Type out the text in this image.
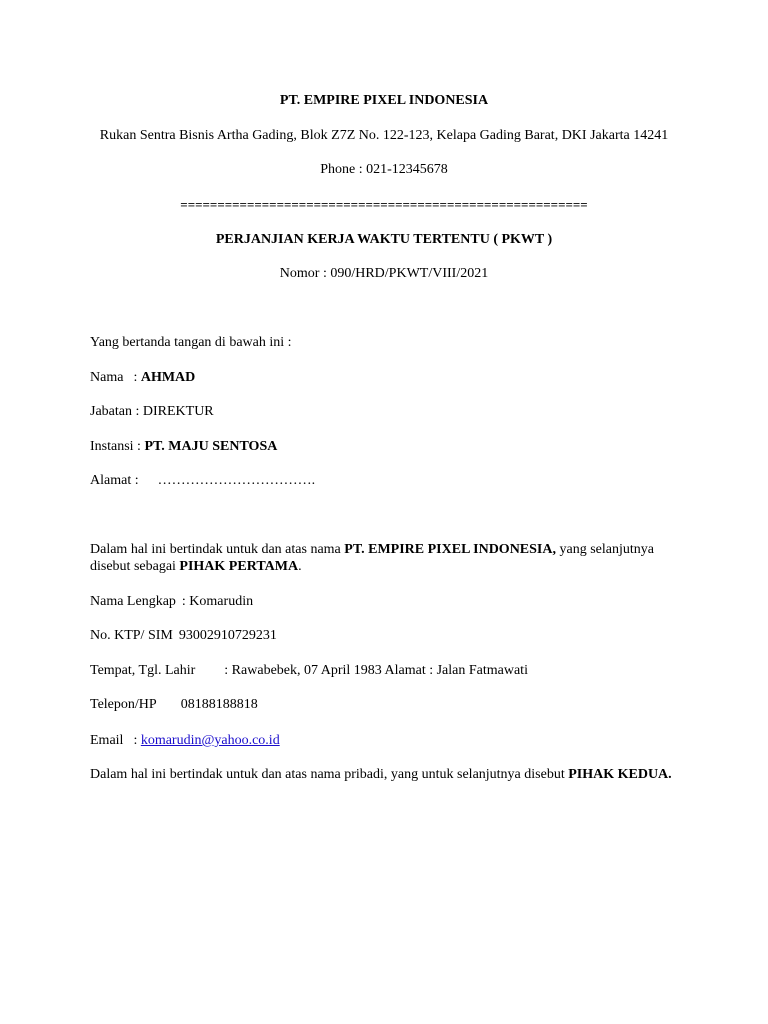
PT. EMPIRE PIXEL INDONESIA
Rukan Sentra Bisnis Artha Gading, Blok Z7Z No. 122-123, Kelapa Gading Barat, DKI Jakarta 14241
Phone : 021-12345678
=======================================================
PERJANJIAN KERJA WAKTU TERTENTU ( PKWT )
Nomor : 090/HRD/PKWT/VIII/2021
Yang bertanda tangan di bawah ini :
Nama : AHMAD
Jabatan : DIREKTUR
Instansi : PT. MAJU SENTOSA
Alamat : …………………………….
Dalam hal ini bertindak untuk dan atas nama PT. EMPIRE PIXEL INDONESIA, yang selanjutnya disebut sebagai PIHAK PERTAMA.
Nama Lengkap : Komarudin
No. KTP/ SIM 93002910729231
Tempat, Tgl. Lahir : Rawabebek, 07 April 1983 Alamat : Jalan Fatmawati
Telepon/HP 08188188818
Email : komarudin@yahoo.co.id
Dalam hal ini bertindak untuk dan atas nama pribadi, yang untuk selanjutnya disebut PIHAK KEDUA.
